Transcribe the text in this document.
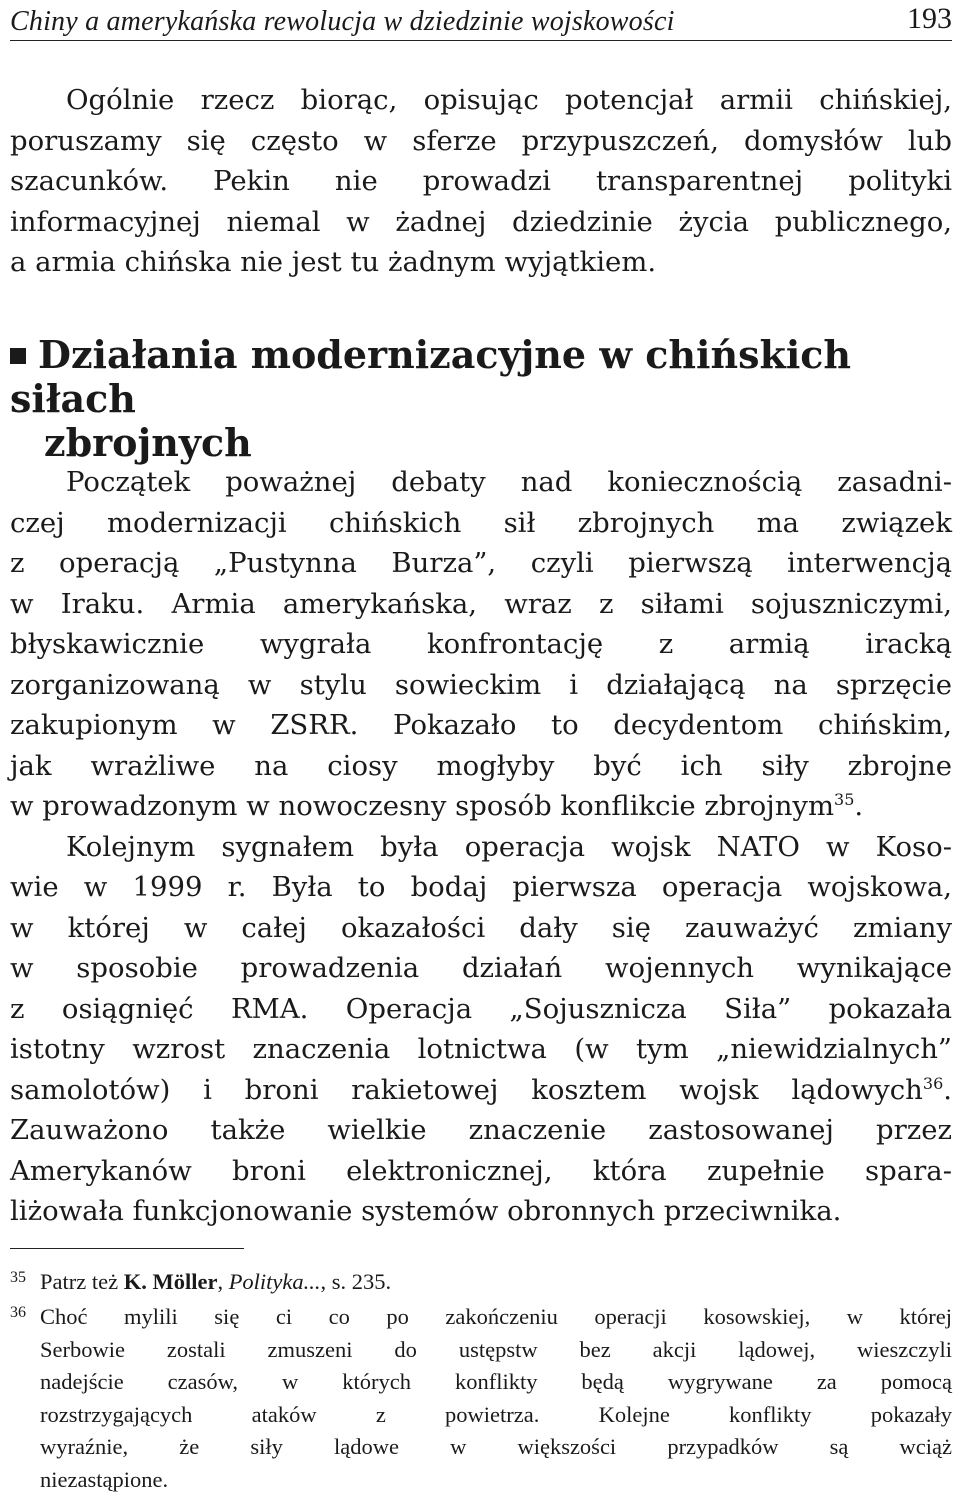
Chiny a amerykańska rewolucja w dziedzinie wojskowości	193
Ogólnie rzecz biorąc, opisując potencjał armii chińskiej,
poruszamy się często w sferze przypuszczeń, domysłów lub
szacunków. Pekin nie prowadzi transparentnej polityki
informacyjnej niemal w żadnej dziedzinie życia publicznego,
a armia chińska nie jest tu żadnym wyjątkiem.
Działania modernizacyjne w chińskich siłach
zbrojnych
Początek poważnej debaty nad koniecznością zasadni-
czej modernizacji chińskich sił zbrojnych ma związek
z operacją „Pustynna Burza”, czyli pierwszą interwencją
w Iraku. Armia amerykańska, wraz z siłami sojuszniczymi,
błyskawicznie wygrała konfrontację z armią iracką
zorganizowaną w stylu sowieckim i działającą na sprzęcie
zakupionym w ZSRR. Pokazało to decydentom chińskim,
jak wrażliwe na ciosy mogłyby być ich siły zbrojne
w prowadzonym w nowoczesny sposób konflikcie zbrojnym$^{35}$.
Kolejnym sygnałem była operacja wojsk NATO w Koso-
wie w 1999 r. Była to bodaj pierwsza operacja wojskowa,
w której w całej okazałości dały się zauważyć zmiany
w sposobie prowadzenia działań wojennych wynikające
z osiągnięć RMA. Operacja „Sojusznicza Siła” pokazała
istotny wzrost znaczenia lotnictwa (w tym „niewidzialnych”
samolotów) i broni rakietowej kosztem wojsk lądowych$^{36}$.
Zauważono także wielkie znaczenie zastosowanej przez
Amerykanów broni elektronicznej, która zupełnie spara-
liżowała funkcjonowanie systemów obronnych przeciwnika.
35 Patrz też K. Möller, Polityka..., s. 235.
36 Choć mylili się ci co po zakończeniu operacji kosowskiej, w której
Serbowie zostali zmuszeni do ustępstw bez akcji lądowej, wieszczyli
nadejście czasów, w których konflikty będą wygrywane za pomocą
rozstrzygających ataków z powietrza. Kolejne konflikty pokazały
wyraźnie, że siły lądowe w większości przypadków są wciąż
niezastąpione.
